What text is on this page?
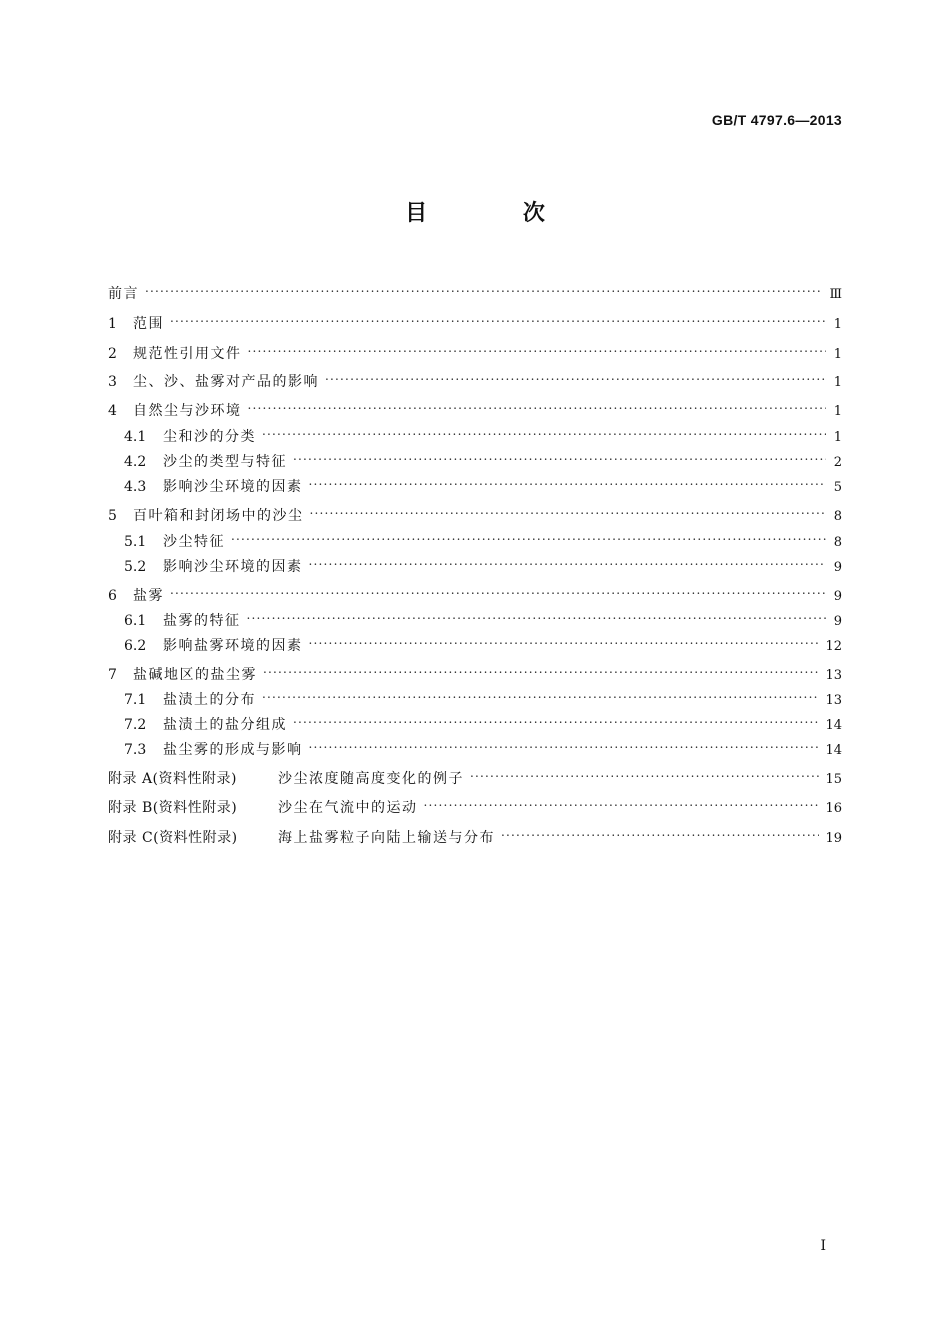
GB/T 4797.6—2013
目 次
前言 .....	Ⅲ
1	范围 .....	1
2	规范性引用文件 .....	1
3	尘、沙、盐雾对产品的影响 .....	1
4	自然尘与沙环境 .....	1
4.1	尘和沙的分类 .....	1
4.2	沙尘的类型与特征 .....	2
4.3	影响沙尘环境的因素 .....	5
5	百叶箱和封闭场中的沙尘 .....	8
5.1	沙尘特征 .....	8
5.2	影响沙尘环境的因素 .....	9
6	盐雾 .....	9
6.1	盐雾的特征 .....	9
6.2	影响盐雾环境的因素 .....	12
7	盐碱地区的盐尘雾 .....	13
7.1	盐渍土的分布 .....	13
7.2	盐渍土的盐分组成 .....	14
7.3	盐尘雾的形成与影响 .....	14
附录 A(资料性附录)	沙尘浓度随高度变化的例子 .....	15
附录 B(资料性附录)	沙尘在气流中的运动 .....	16
附录 C(资料性附录)	海上盐雾粒子向陆上输送与分布 .....	19
I
